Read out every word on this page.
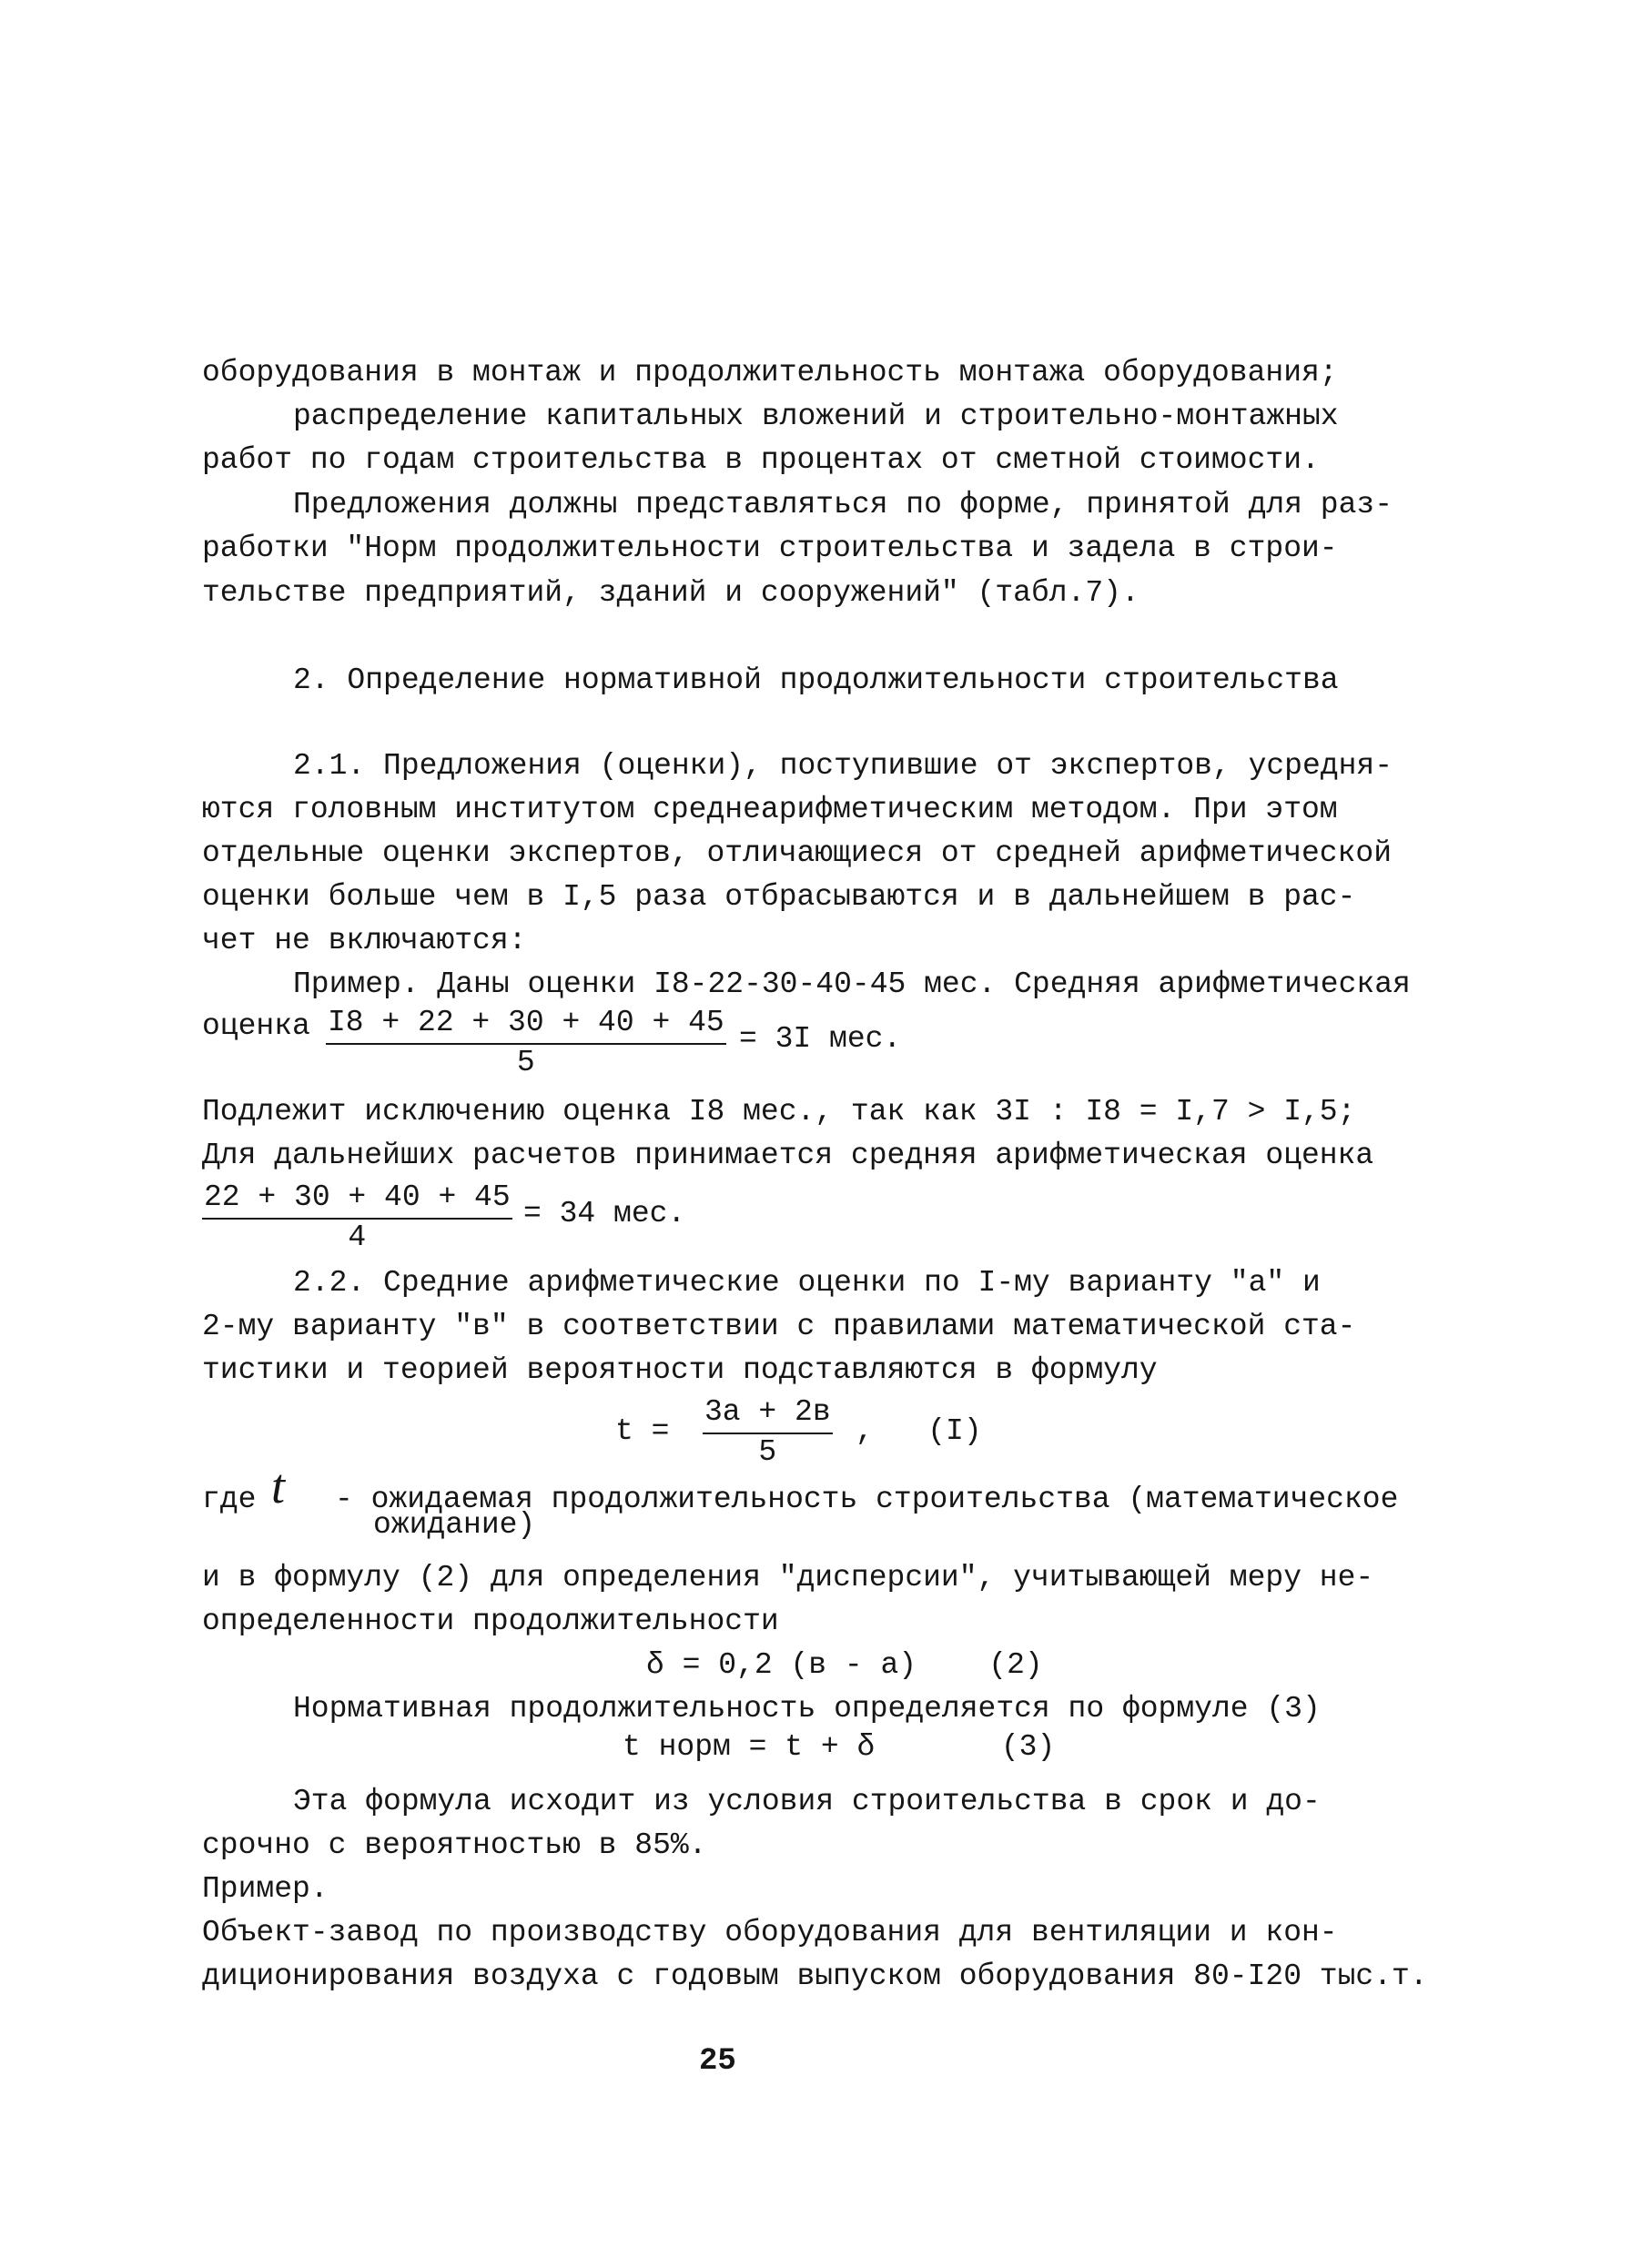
оборудования в монтаж и продолжительность монтажа оборудования;
распределение капитальных вложений и строительно-монтажных
работ по годам строительства в процентах от сметной стоимости.
Предложения должны представляться по форме, принятой для раз-
работки "Норм продолжительности строительства и задела в строи-
тельстве предприятий, зданий и сооружений" (табл.7).
2. Определение нормативной продолжительности строительства
2.1. Предложения (оценки), поступившие от экспертов, усредня-
ются головным институтом среднеарифметическим методом. При этом
отдельные оценки экспертов, отличающиеся от средней арифметической
оценки больше чем в I,5 раза отбрасываются и в дальнейшем в рас-
чет не включаются:
Пример. Даны оценки I8-22-30-40-45 мес. Средняя арифметическая
оценка $\frac{I8 + 22 + 30 + 40 + 45}{5} = 3I$ мес.
Подлежит исключению оценка I8 мес., так как 3I : I8 = I,7 > I,5;
Для дальнейших расчетов принимается средняя арифметическая оценка
$\frac{22 + 30 + 40 + 45}{4} = 34$ мес.
2.2. Средние арифметические оценки по I-му варианту "а" и
2-му варианту "в" в соответствии с правилами математической ста-
тистики и теорией вероятности подставляются в формулу
t =
3а + 2в
5
,   (I)
где t - ожидаемая продолжительность строительства (математическое
ожидание)
и в формулу (2) для определения "дисперсии", учитывающей меру не-
определенности продолжительности
δ = 0,2 (в - а)    (2)
Нормативная продолжительность определяется по формуле (3)
t норм = t + δ       (3)
Эта формула исходит из условия строительства в срок и до-
срочно с вероятностью в 85%.
Пример.
Объект-завод по производству оборудования для вентиляции и кон-
диционирования воздуха с годовым выпуском оборудования 80-I20 тыс.т.
25
